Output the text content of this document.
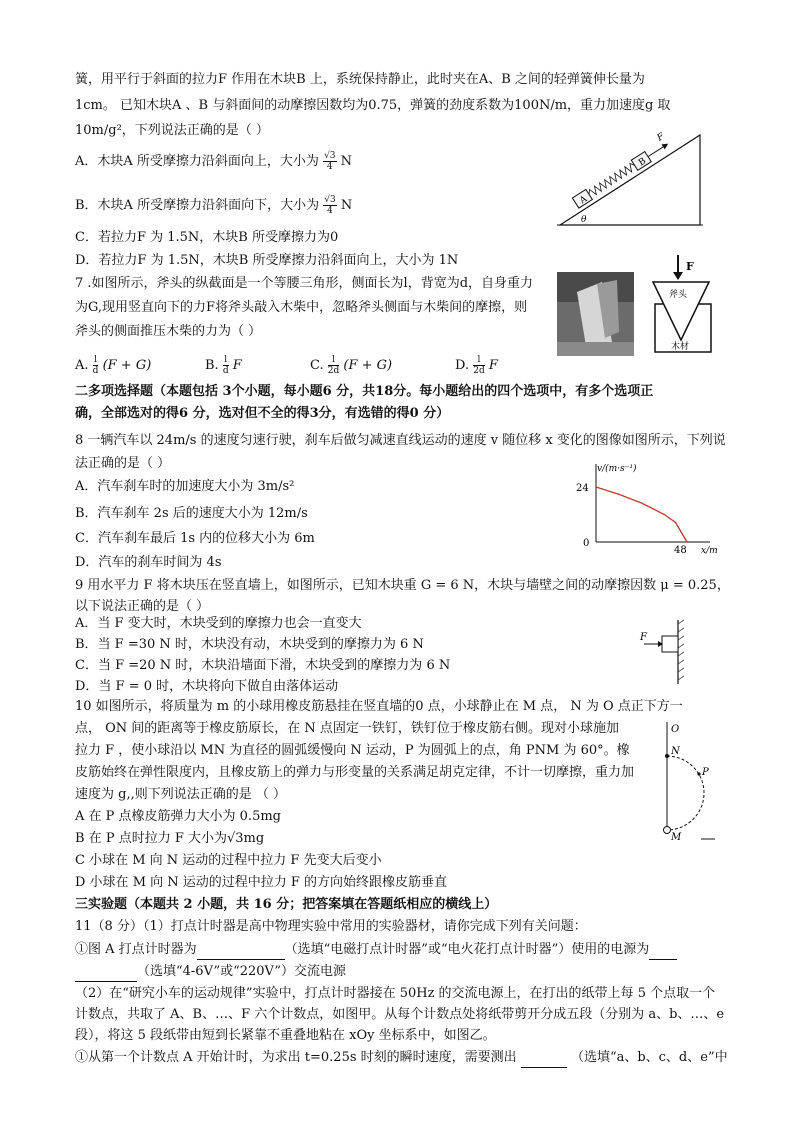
簧，用平行于斜面的拉力F 作用在木块B 上，系统保持静止，此时夹在A、B 之间的轻弹簧伸长量为
1cm。 已知木块A 、B 与斜面间的动摩擦因数均为0.75，弹簧的劲度系数为100N/m，重力加速度g 取
10m/g²，下列说法正确的是（ ）
A．木块A 所受摩擦力沿斜面向上，大小为 $\frac{√3}{4}$ N
B．木块A 所受摩擦力沿斜面向下，大小为 $\frac{√3}{4}$ N
C．若拉力F 为 1.5N，木块B 所受摩擦力为0
D．若拉力F 为 1.5N，木块B 所受摩擦力沿斜面向上，大小为 1N
θ
A
B
F
7 .如图所示，斧头的纵截面是一个等腰三角形，侧面长为l，背宽为d，自身重力
为G,现用竖直向下的力F将斧头敲入木柴中，忽略斧头侧面与木柴间的摩擦，则
斧头的侧面推压木柴的力为（ ）
A. $\frac{l}{d} (F + G)$	B. $\frac{l}{d}$ F	C. $\frac{l}{2d} (F + G)$	D. $\frac{l}{2d}$ F
F
斧头
木材
二多项选择题（本题包括 3个小题，每小题6 分，共18分。每小题给出的四个选项中，有多个选项正
确，全部选对的得6 分，选对但不全的得3分，有选错的得0 分）
8 一辆汽车以 24m/s 的速度匀速行驶，刹车后做匀减速直线运动的速度 v 随位移 x 变化的图像如图所示，下列说
法正确的是（ ）
A．汽车刹车时的加速度大小为 3m/s²
B．汽车刹车 2s 后的速度大小为 12m/s
C．汽车刹车最后 1s 内的位移大小为 6m
D．汽车的刹车时间为 4s
v/(m·s⁻¹)
x/m
0
24
48
9 用水平力 F 将木块压在竖直墙上，如图所示，已知木块重 G = 6 N，木块与墙壁之间的动摩擦因数 μ = 0.25，
以下说法正确的是（ ）
A．当 F 变大时，木块受到的摩擦力也会一直变大
B．当 F =30 N 时，木块没有动，木块受到的摩擦力为 6 N
C．当 F =20 N 时，木块沿墙面下滑，木块受到的摩擦力为 6 N
D．当 F = 0 时，木块将向下做自由落体运动
F
10 如图所示，将质量为 m 的小球用橡皮筋悬挂在竖直墙的0 点，小球静止在 M 点， N 为 O 点正下方一
点， ON 间的距离等于橡皮筋原长，在 N 点固定一铁钉，铁钉位于橡皮筋右侧。现对小球施加
拉力 F ，使小球沿以 MN 为直径的圆弧缓慢向 N 运动，P 为圆弧上的点，角 PNM 为 60°。橡
皮筋始终在弹性限度内，且橡皮筋上的弹力与形变量的关系满足胡克定律，不计一切摩擦，重力加
速度为 g,,则下列说法正确的是 （ ）
A 在 P 点橡皮筋弹力大小为 0.5mg
B 在 P 点时拉力 F 大小为√3mg
C 小球在 M 向 N 运动的过程中拉力 F 先变大后变小
D 小球在 M 向 N 运动的过程中拉力 F 的方向始终跟橡皮筋垂直
O
N
P
M
三实验题（本题共 2 小题，共 16 分；把答案填在答题纸相应的横线上）
11（8 分）（1）打点计时器是高中物理实验中常用的实验器材，请你完成下列有关问题：
①图 A 打点计时器为	（选填“电磁打点计时器”或“电火花打点计时器”）使用的电源为
（选填“4-6V”或“220V”）交流电源
（2）在“研究小车的运动规律”实验中，打点计时器接在 50Hz 的交流电源上，在打出的纸带上每 5 个点取一个
计数点，共取了 A、B、…、F 六个计数点，如图甲。从每个计数点处将纸带剪开分成五段（分别为 a、b、…、e
段），将这 5 段纸带由短到长紧靠不重叠地粘在 xOy 坐标系中，如图乙。
①从第一个计数点 A 开始计时，为求出 t=0.25s 时刻的瞬时速度，需要测出	（选填“a、b、c、d、e”中
